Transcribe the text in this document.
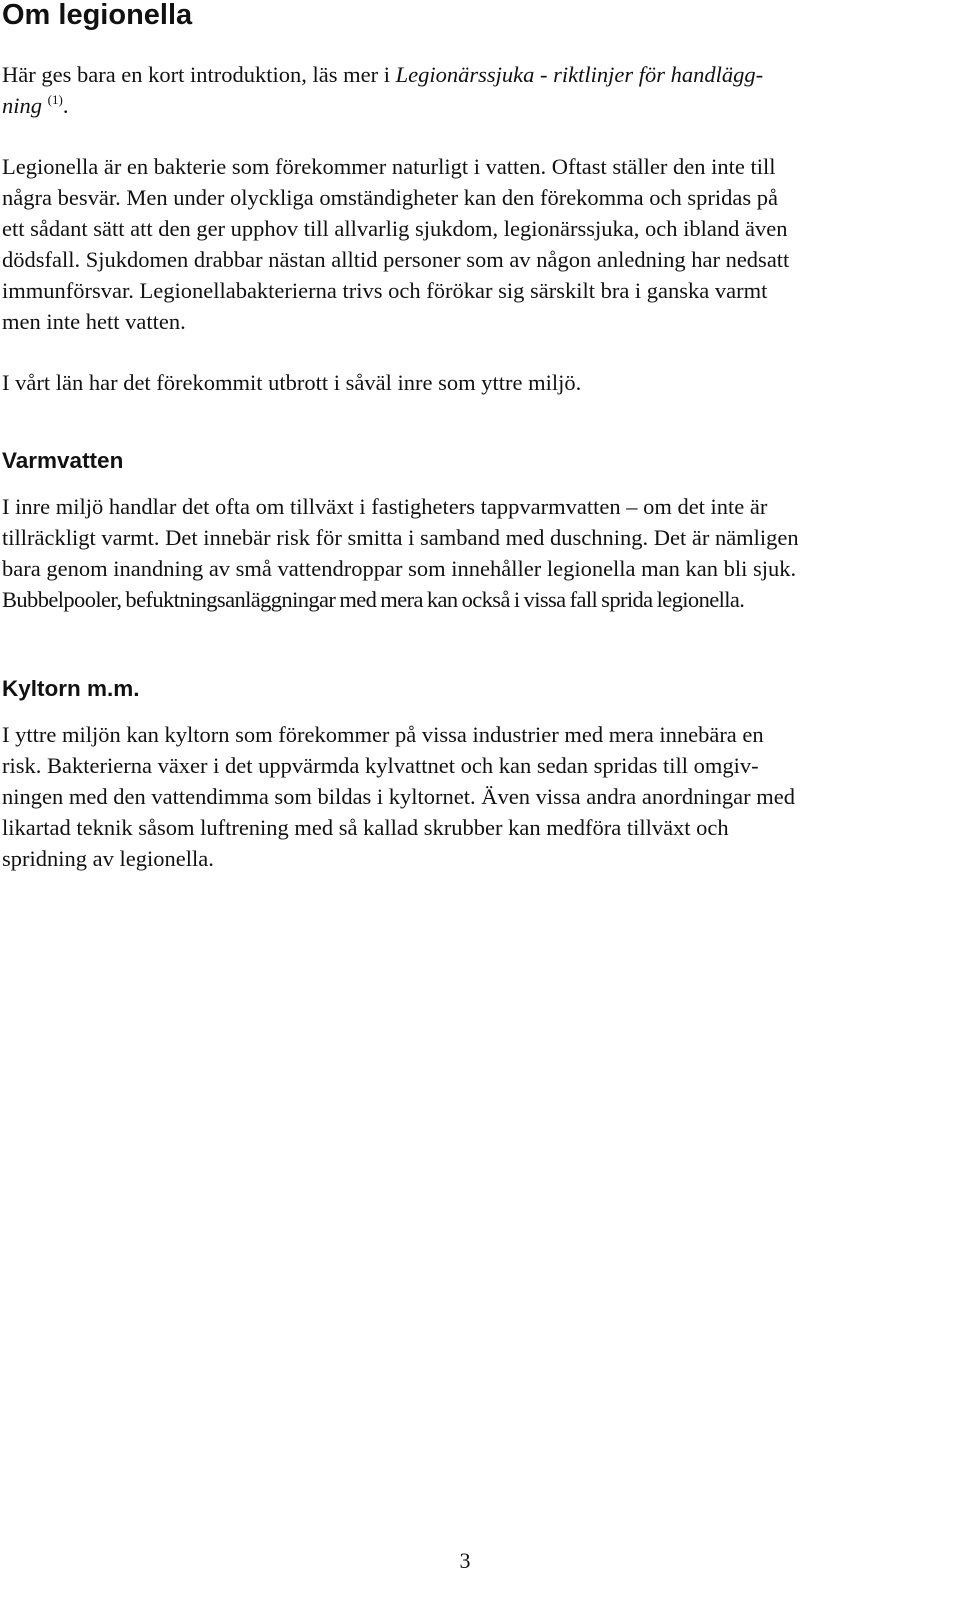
Om legionella

Här ges bara en kort introduktion, läs mer i Legionärssjuka - riktlinjer för handlägg-
ning $^{(1)}$.

Legionella är en bakterie som förekommer naturligt i vatten. Oftast ställer den inte till
några besvär. Men under olyckliga omständigheter kan den förekomma och spridas på
ett sådant sätt att den ger upphov till allvarlig sjukdom, legionärssjuka, och ibland även
dödsfall. Sjukdomen drabbar nästan alltid personer som av någon anledning har nedsatt
immunförsvar. Legionellabakterierna trivs och förökar sig särskilt bra i ganska varmt
men inte hett vatten.

I vårt län har det förekommit utbrott i såväl inre som yttre miljö.

Varmvatten

I inre miljö handlar det ofta om tillväxt i fastigheters tappvarmvatten – om det inte är
tillräckligt varmt. Det innebär risk för smitta i samband med duschning. Det är nämligen
bara genom inandning av små vattendroppar som innehåller legionella man kan bli sjuk.
Bubbelpooler, befuktningsanläggningar med mera kan också i vissa fall sprida legionella.

Kyltorn m.m.

I yttre miljön kan kyltorn som förekommer på vissa industrier med mera innebära en
risk. Bakterierna växer i det uppvärmda kylvattnet och kan sedan spridas till omgiv-
ningen med den vattendimma som bildas i kyltornet. Även vissa andra anordningar med
likartad teknik såsom luftrening med så kallad skrubber kan medföra tillväxt och
spridning av legionella.

3
